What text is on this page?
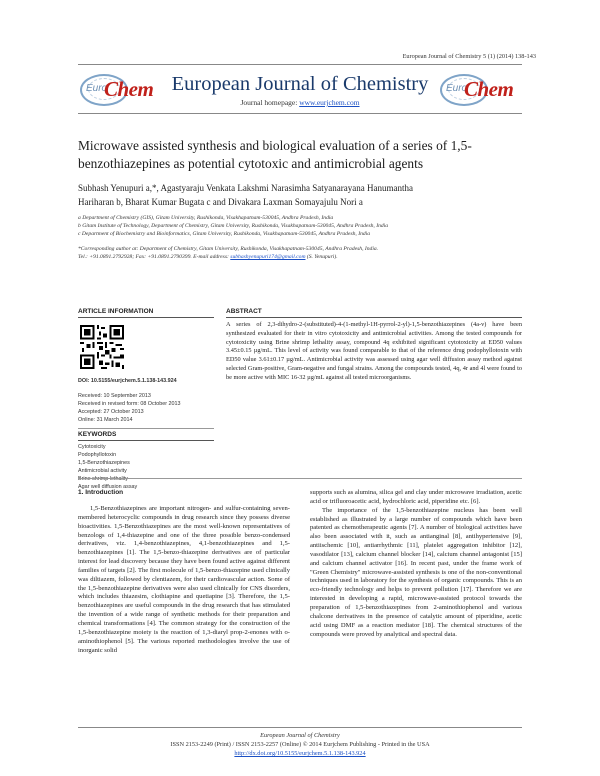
European Journal of Chemistry 5 (1) (2014) 138-143
Euro
Chem	Euro
Chem
European Journal of Chemistry
Journal homepage: www.eurjchem.com
Microwave assisted synthesis and biological evaluation of a series of 1,5-benzothiazepines as potential cytotoxic and antimicrobial agents
Subhash Yenupuri a,*, Agastyaraju Venkata Lakshmi Narasimha Satyanarayana Hanumantha
Hariharan b, Bharat Kumar Bugata c and Divakara Laxman Somayajulu Nori a
a Department of Chemistry (GIS), Gitam University, Rushikonda, Visakhapatnam-530045, Andhra Pradesh, India
b Gitam Institute of Technology, Department of Chemistry, Gitam University, Rushikonda, Visakhapatnam-530045, Andhra Pradesh, India
c Department of Biochemistry and Bioinformatics, Gitam University, Rushikonda, Visakhapatnam-530045, Andhra Pradesh, India
*Corresponding author at: Department of Chemistry, Gitam University, Rushikonda, Visakhapatnam-530045, Andhra Pradesh, India.
Tel.: +91.0891.2792928; Fax: +91.0891.2790399. E-mail address: subhashyenupuri174@gmail.com (S. Yenupuri).
ARTICLE INFORMATION
DOI: 10.5155/eurjchem.5.1.138-143.924
Received: 10 September 2013
Received in revised form: 08 October 2013
Accepted: 27 October 2013
Online: 31 March 2014
KEYWORDS
Cytotoxicity
Podophyllotoxin
1,5-Benzothiazepines
Antimicrobial activity
Brine shrimp lethality
Agar well diffusion assay
ABSTRACT
A series of 2,3-dihydro-2-(substituted)-4-(1-methyl-1H-pyrrol-2-yl)-1,5-benzothiazepines (4a-v) have been synthesized evaluated for their in vitro cytotoxicity and antimicrobial activities. Among the tested compounds for cytotoxicity using Brine shrimp lethality assay, compound 4q exhibited significant cytotoxicity at ED50 values 3.45±0.15 µg/mL. This level of activity was found comparable to that of the reference drug podophyllotoxin with ED50 value 3.61±0.17 µg/mL. Antimicrobial activity was assessed using agar well diffusion assay method against selected Gram-positive, Gram-negative and fungal strains. Among the compounds tested, 4q, 4r and 4l were found to be more active with MIC 16-32 µg/mL against all tested microorganisms.
1. Introduction

1,5-Benzothiazepines are important nitrogen- and sulfur-containing seven-membered heterocyclic compounds in drug research since they possess diverse bioactivities. 1,5-Benzothiazepines are the most well-known representatives of benzologs of 1,4-thiazepine and one of the three possible benzo-condensed derivatives, viz. 1,4-benzothiazepines, 4,1-benzothiazepines and 1,5-benzothiazepines [1]. The 1,5-benzo-thiazepine derivatives are of particular interest for lead discovery because they have been found active against different families of targets [2]. The first molecule of 1,5-benzo-thiazepine used clinically was diltiazem, followed by clentiazem, for their cardiovascular action. Some of the 1,5-benzothiazepine derivatives were also used clinically for CNS disorders, which includes thiazesim, clothiapine and quetiapine [3]. Therefore, the 1,5-benzothiazepines are useful compounds in the drug research that has stimulated the invention of a wide range of synthetic methods for their preparation and chemical transformations [4]. The common strategy for the construction of the 1,5-benzothiazepine moiety is the reaction of 1,3-diaryl prop-2-enones with o-aminothiophenol [5]. The various reported methodologies involve the use of inorganic solid

supports such as alumina, silica gel and clay under microwave irradiation, acetic acid or trifluoroacetic acid, hydrochloric acid, piperidine etc. [6].

The importance of the 1,5-benzothiazepine nucleus has been well established as illustrated by a large number of compounds which have been patented as chemotherapeutic agents [7]. A number of biological activities have also been associated with it, such as antianginal [8], antihypertensive [9], antiischemic [10], antiarrhythmic [11], platelet aggregation inhibitor [12], vasodilator [13], calcium channel blocker [14], calcium channel antagonist [15] and calcium channel activator [16]. In recent past, under the frame work of "Green Chemistry" microwave-assisted synthesis is one of the non-conventional techniques used in laboratory for the synthesis of organic compounds. This is an eco-friendly technology and helps to prevent pollution [17]. Therefore we are interested in developing a rapid, microwave-assisted protocol towards the preparation of 1,5-benzothiazepines from 2-aminothiophenol and various chalcone derivatives in the presence of catalytic amount of piperidine, acetic acid using DMF as a reaction mediator [18]. The chemical structures of the compounds were proved by analytical and spectral data.

European Journal of Chemistry
ISSN 2153-2249 (Print) / ISSN 2153-2257 (Online) © 2014 Eurjchem Publishing - Printed in the USA
http://dx.doi.org/10.5155/eurjchem.5.1.138-143.924
